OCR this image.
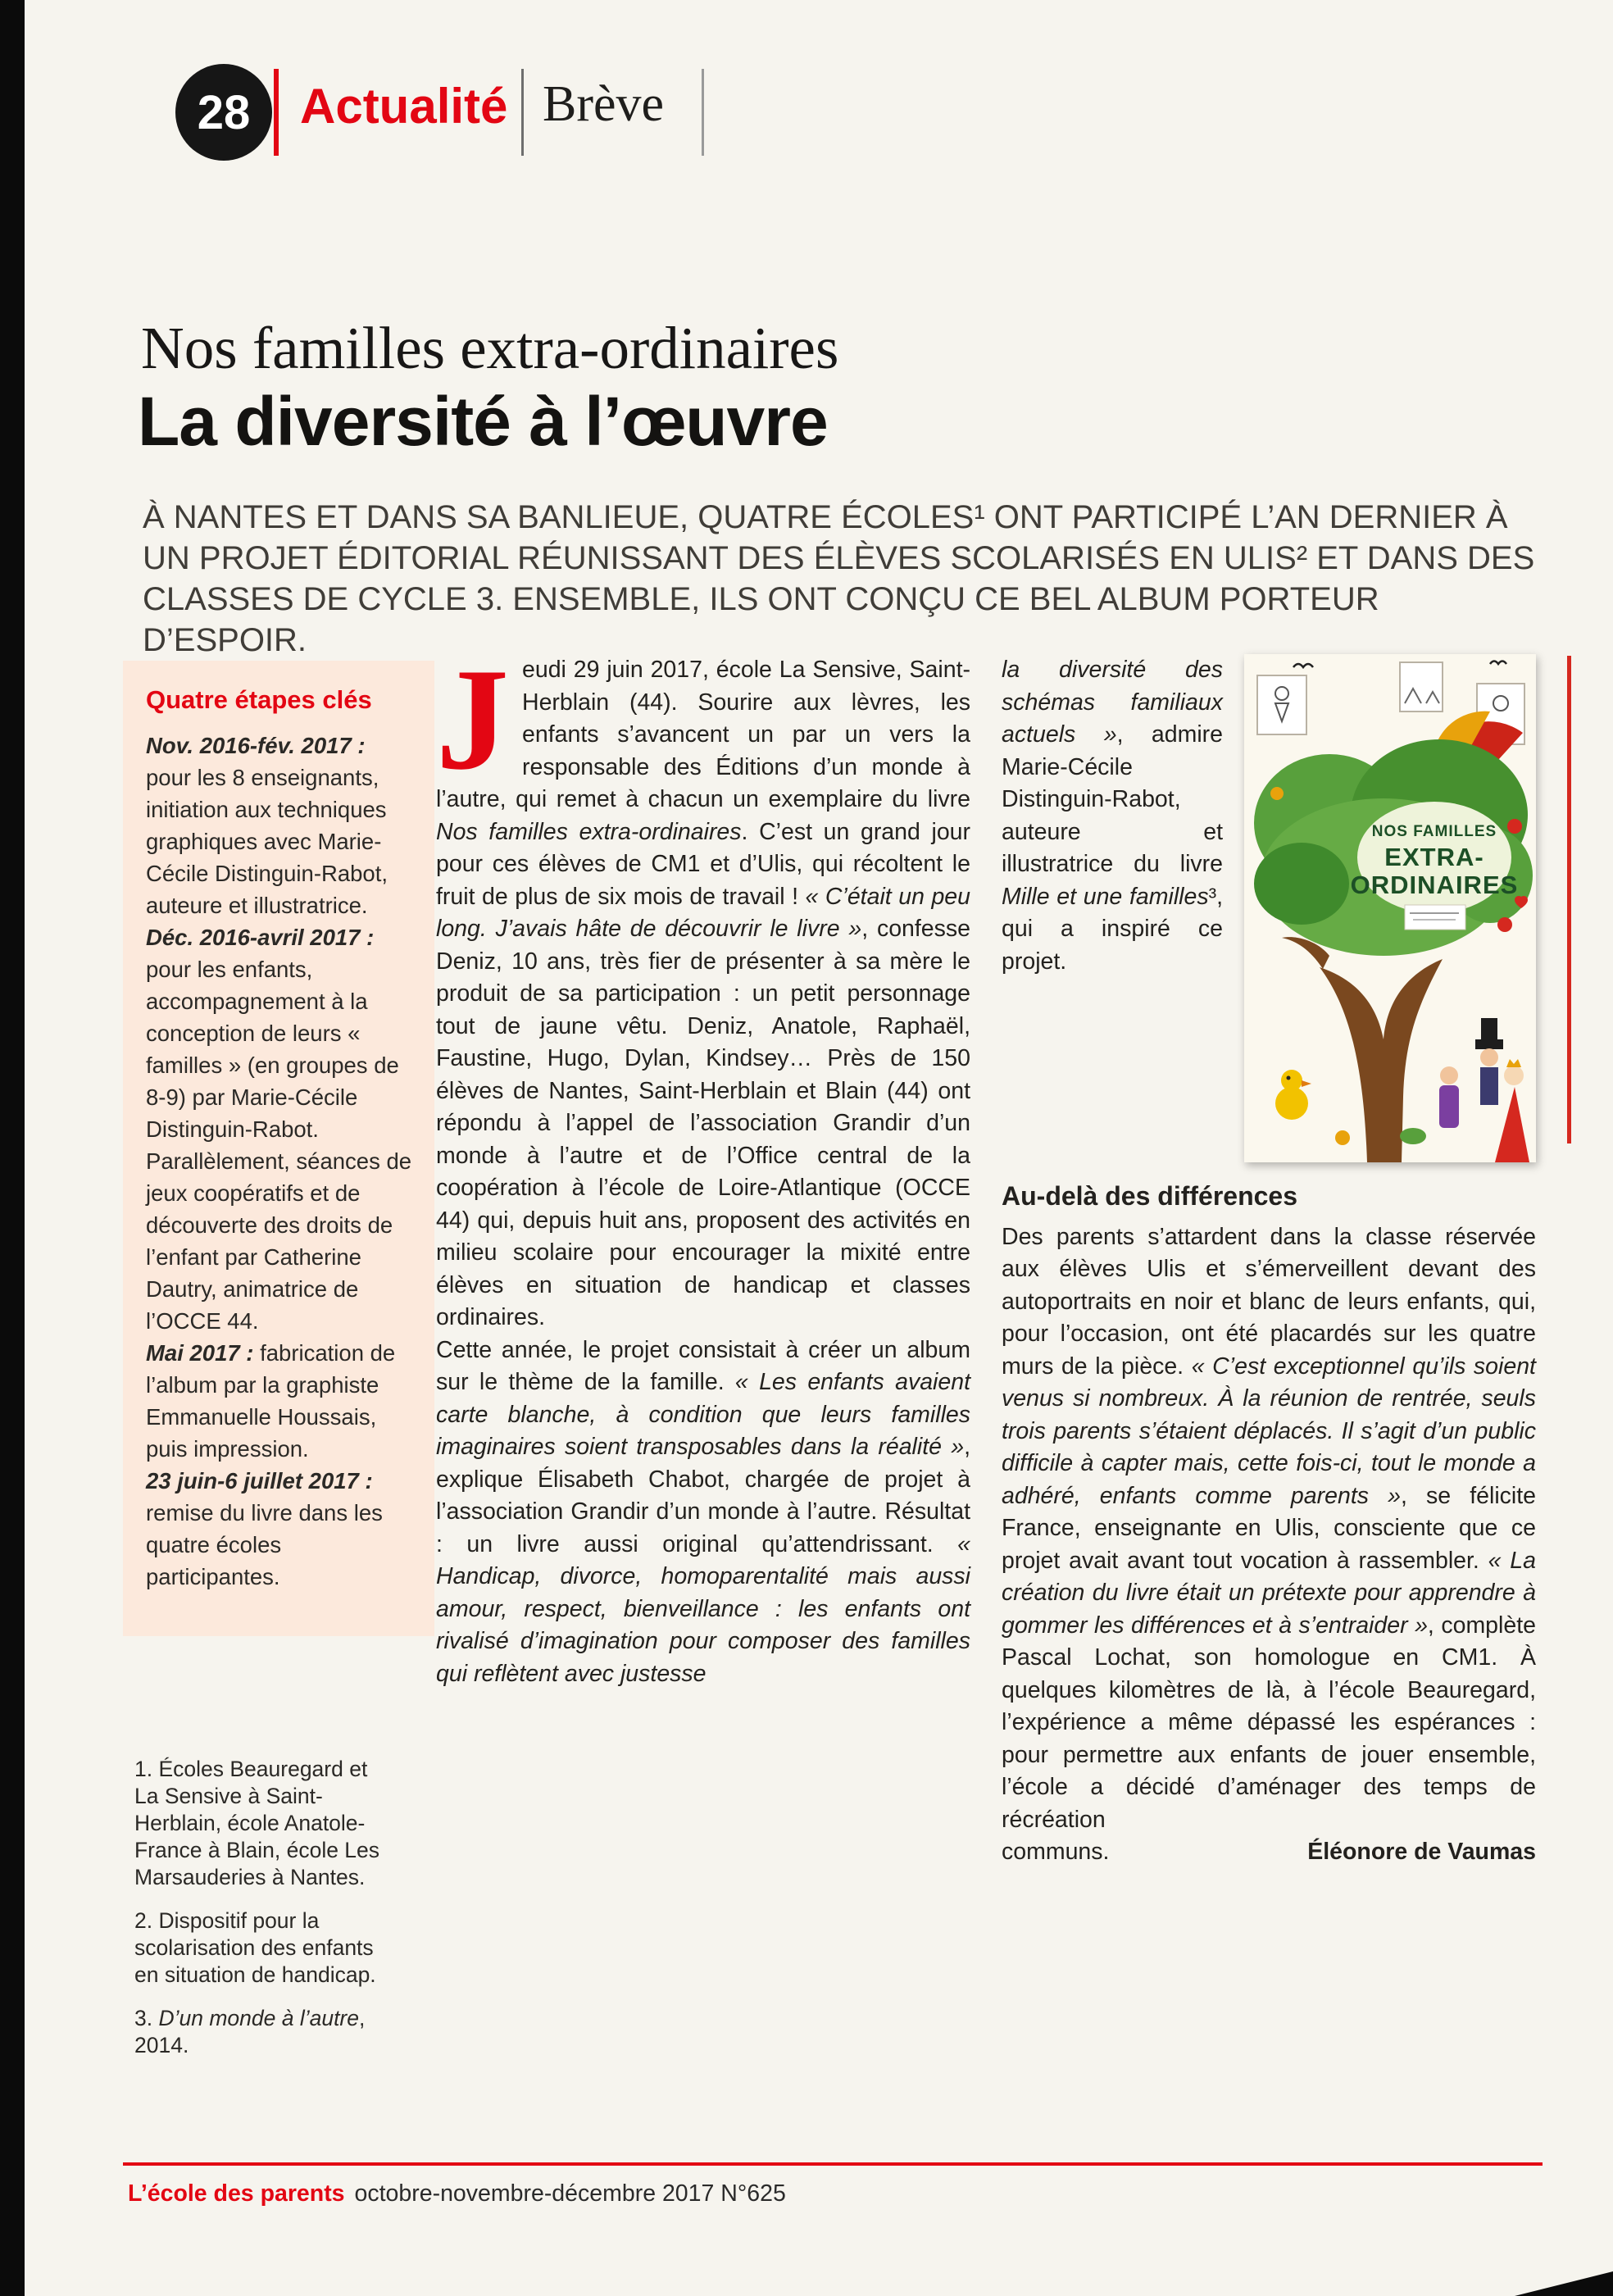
28 Actualité Brève
Nos familles extra-ordinaires
La diversité à l’œuvre
À NANTES ET DANS SA BANLIEUE, QUATRE ÉCOLES¹ ONT PARTICIPÉ L’AN DERNIER À UN PROJET ÉDITORIAL RÉUNISSANT DES ÉLÈVES SCOLARISÉS EN ULIS² ET DANS DES CLASSES DE CYCLE 3. ENSEMBLE, ILS ONT CONÇU CE BEL ALBUM PORTEUR D’ESPOIR.
Quatre étapes clés

Nov. 2016-fév. 2017 : pour les 8 enseignants, initiation aux techniques graphiques avec Marie-Cécile Distinguin-Rabot, auteure et illustratrice.

Déc. 2016-avril 2017 : pour les enfants, accompagnement à la conception de leurs « familles » (en groupes de 8-9) par Marie-Cécile Distinguin-Rabot. Parallèlement, séances de jeux coopératifs et de découverte des droits de l’enfant par Catherine Dautry, animatrice de l’OCCE 44.

Mai 2017 : fabrication de l’album par la graphiste Emmanuelle Houssais, puis impression.

23 juin-6 juillet 2017 : remise du livre dans les quatre écoles participantes.

1. Écoles Beauregard et La Sensive à Saint-Herblain, école Anatole-France à Blain, école Les Marsauderies à Nantes.

2. Dispositif pour la scolarisation des enfants en situation de handicap.

3. D’un monde à l’autre, 2014.

Jeudi 29 juin 2017, école La Sensive, Saint-Herblain (44). Sourire aux lèvres, les enfants s’avancent un par un vers la responsable des Éditions d’un monde à l’autre, qui remet à chacun un exemplaire du livre Nos familles extra-ordinaires. C’est un grand jour pour ces élèves de CM1 et d’Ulis, qui récoltent le fruit de plus de six mois de travail ! « C’était un peu long. J’avais hâte de découvrir le livre », confesse Deniz, 10 ans, très fier de présenter à sa mère le produit de sa participation : un petit personnage tout de jaune vêtu. Deniz, Anatole, Raphaël, Faustine, Hugo, Dylan, Kindsey… Près de 150 élèves de Nantes, Saint-Herblain et Blain (44) ont répondu à l’appel de l’association Grandir d’un monde à l’autre et de l’Office central de la coopération à l’école de Loire-Atlantique (OCCE 44) qui, depuis huit ans, proposent des activités en milieu scolaire pour encourager la mixité entre élèves en situation de handicap et classes ordinaires.

Cette année, le projet consistait à créer un album sur le thème de la famille. « Les enfants avaient carte blanche, à condition que leurs familles imaginaires soient transposables dans la réalité », explique Élisabeth Chabot, chargée de projet à l’association Grandir d’un monde à l’autre. Résultat : un livre aussi original qu’attendrissant. « Handicap, divorce, homoparentalité mais aussi amour, respect, bienveillance : les enfants ont rivalisé d’imagination pour composer des familles qui reflètent avec justesse

NOS FAMILLES
EXTRA-
ORDINAIRES

la diversité des schémas familiaux actuels », admire Marie-Cécile Distinguin-Rabot, auteure et illustratrice du livre Mille et une familles³, qui a inspiré ce projet.

Au-delà des différences

Des parents s’attardent dans la classe réservée aux élèves Ulis et s’émerveillent devant des autoportraits en noir et blanc de leurs enfants, qui, pour l’occasion, ont été placardés sur les quatre murs de la pièce. « C’est exceptionnel qu’ils soient venus si nombreux. À la réunion de rentrée, seuls trois parents s’étaient déplacés. Il s’agit d’un public difficile à capter mais, cette fois-ci, tout le monde a adhéré, enfants comme parents », se félicite France, enseignante en Ulis, consciente que ce projet avait avant tout vocation à rassembler. « La création du livre était un prétexte pour apprendre à gommer les différences et à s’entraider », complète Pascal Lochat, son homologue en CM1. À quelques kilomètres de là, à l’école Beauregard, l’expérience a même dépassé les espérances : pour permettre aux enfants de jouer ensemble, l’école a décidé d’aménager des temps de récréation

communs.	Éléonore de Vaumas
L’école des parents octobre-novembre-décembre 2017 N°625
